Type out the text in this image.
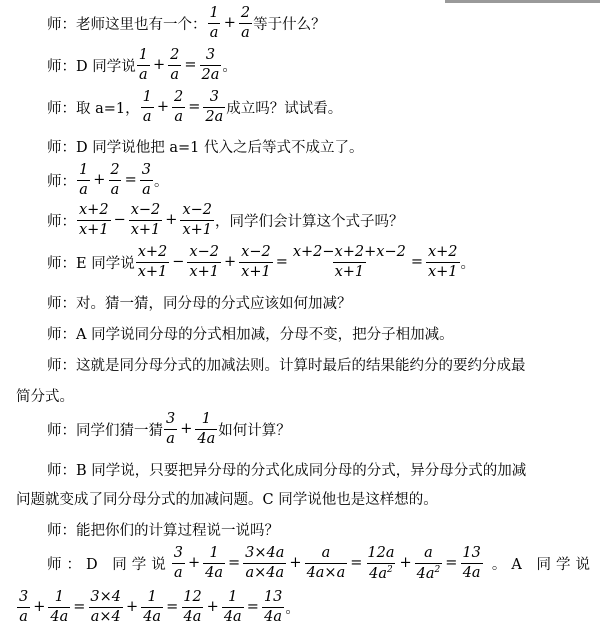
师：老师这里也有一个： $\frac{1}{a} + \frac{2}{a}$ 等于什么？
师：D 同学说 $\frac{1}{a} + \frac{2}{a} = \frac{3}{2a}$ 。
师：取 a=1， $\frac{1}{a} + \frac{2}{a} = \frac{3}{2a}$ 成立吗？试试看。
师：D 同学说他把 a=1 代入之后等式不成立了。
师： $\frac{1}{a} + \frac{2}{a} = \frac{3}{a}$ 。
师： $\frac{x+2}{x+1} - \frac{x-2}{x+1} + \frac{x-2}{x+1}$ ，同学们会计算这个式子吗？
师：E 同学说 $\frac{x+2}{x+1} - \frac{x-2}{x+1} + \frac{x-2}{x+1} = \frac{x+2-x+2+x-2}{x+1} = \frac{x+2}{x+1}$ 。
师：对。猜一猜，同分母的分式应该如何加减？
师：A 同学说同分母的分式相加减，分母不变，把分子相加减。
师：这就是同分母分式的加减法则。计算时最后的结果能约分的要约分成最
简分式。
师：同学们猜一猜 $\frac{3}{a} + \frac{1}{4a}$ 如何计算？
师：B 同学说，只要把异分母的分式化成同分母的分式，异分母分式的加减
问题就变成了同分母分式的加减问题。C 同学说他也是这样想的。
师：能把你们的计算过程说一说吗？
师：D 同学说 $\frac{3}{a} + \frac{1}{4a} = \frac{3\times 4a}{a\times 4a} + \frac{a}{4a\times a} = \frac{12a}{4a^2} + \frac{a}{4a^2} = \frac{13}{4a}$ 。A 同学说
$\frac{3}{a} + \frac{1}{4a} = \frac{3\times 4}{a\times 4} + \frac{1}{4a} = \frac{12}{4a} + \frac{1}{4a} = \frac{13}{4a}$ 。
